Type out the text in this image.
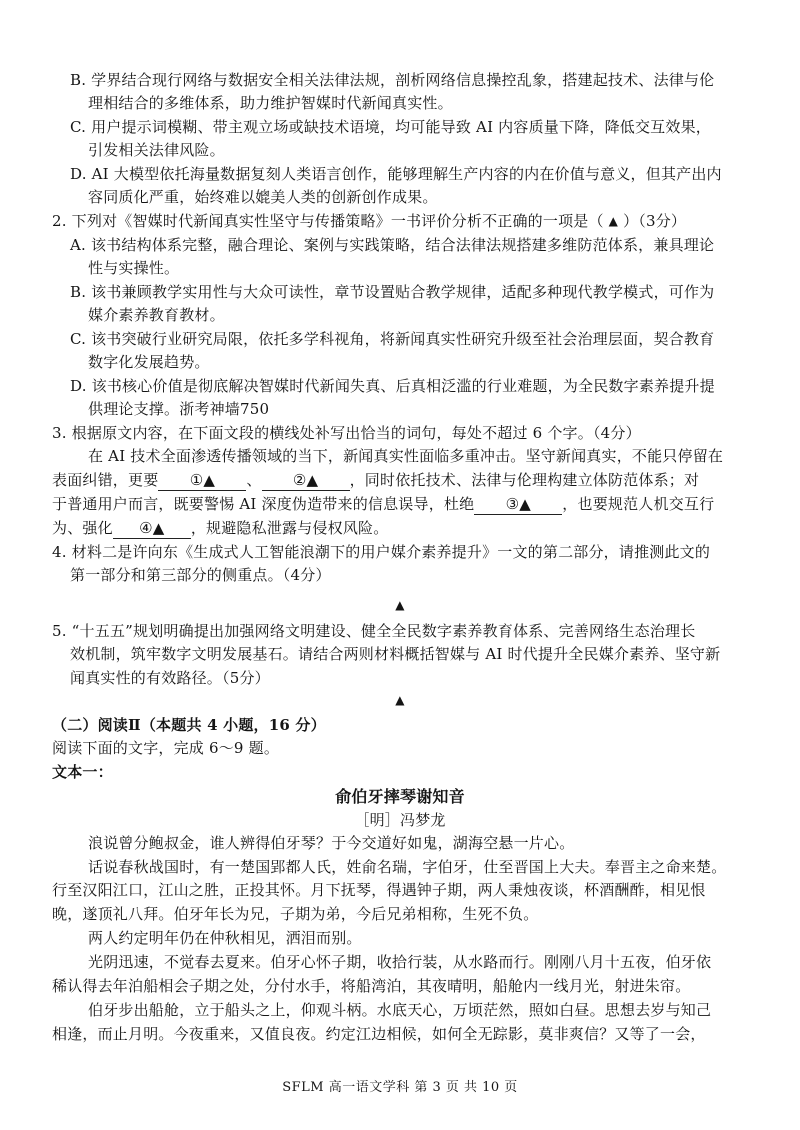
B. 学界结合现行网络与数据安全相关法律法规，剖析网络信息操控乱象，搭建起技术、法律与伦
理相结合的多维体系，助力维护智媒时代新闻真实性。
C. 用户提示词模糊、带主观立场或缺技术语境，均可能导致 AI 内容质量下降，降低交互效果，
引发相关法律风险。
D. AI 大模型依托海量数据复刻人类语言创作，能够理解生产内容的内在价值与意义，但其产出内
容同质化严重，始终难以媲美人类的创新创作成果。
2. 下列对《智媒时代新闻真实性坚守与传播策略》一书评价分析不正确的一项是（ ▲ ）（3分）
A. 该书结构体系完整，融合理论、案例与实践策略，结合法律法规搭建多维防范体系，兼具理论
性与实操性。
B. 该书兼顾教学实用性与大众可读性，章节设置贴合教学规律，适配多种现代教学模式，可作为
媒介素养教育教材。
C. 该书突破行业研究局限，依托多学科视角，将新闻真实性研究升级至社会治理层面，契合教育
数字化发展趋势。
D. 该书核心价值是彻底解决智媒时代新闻失真、后真相泛滥的行业难题，为全民数字素养提升提
供理论支撑。浙考神墙750
3. 根据原文内容，在下面文段的横线处补写出恰当的词句，每处不超过 6 个字。（4分）
在 AI 技术全面渗透传播领域的当下，新闻真实性面临多重冲击。坚守新闻真实，不能只停留在
表面纠错，更要 ①▲ 、 ②▲ ，同时依托技术、法律与伦理构建立体防范体系；对
于普通用户而言，既要警惕 AI 深度伪造带来的信息误导，杜绝 ③▲ ，也要规范人机交互行
为、强化 ④▲ ，规避隐私泄露与侵权风险。
4. 材料二是许向东《生成式人工智能浪潮下的用户媒介素养提升》一文的第二部分，请推测此文的
第一部分和第三部分的侧重点。（4分）
▲
5. “十五五”规划明确提出加强网络文明建设、健全全民数字素养教育体系、完善网络生态治理长
效机制，筑牢数字文明发展基石。请结合两则材料概括智媒与 AI 时代提升全民媒介素养、坚守新
闻真实性的有效路径。（5分）
▲
（二）阅读Ⅱ（本题共 4 小题，16 分）
阅读下面的文字，完成 6～9 题。
文本一：
俞伯牙摔琴谢知音
［明］冯梦龙
浪说曾分鲍叔金，谁人辨得伯牙琴？于今交道好如鬼，湖海空悬一片心。
话说春秋战国时，有一楚国郢都人氏，姓俞名瑞，字伯牙，仕至晋国上大夫。奉晋主之命来楚。
行至汉阳江口，江山之胜，正投其怀。月下抚琴，得遇钟子期，两人秉烛夜谈，杯酒酬酢，相见恨
晚，遂顶礼八拜。伯牙年长为兄，子期为弟，今后兄弟相称，生死不负。
两人约定明年仍在仲秋相见，洒泪而别。
光阴迅速，不觉春去夏来。伯牙心怀子期，收拾行装，从水路而行。刚刚八月十五夜，伯牙依
稀认得去年泊船相会子期之处，分付水手，将船湾泊，其夜晴明，船舱内一线月光，射进朱帘。
伯牙步出船舱，立于船头之上，仰观斗柄。水底天心，万顷茫然，照如白昼。思想去岁与知己
相逢，而止月明。今夜重来，又值良夜。约定江边相候，如何全无踪影，莫非爽信？又等了一会，
SFLM 高一语文学科 第 3 页 共 10 页
